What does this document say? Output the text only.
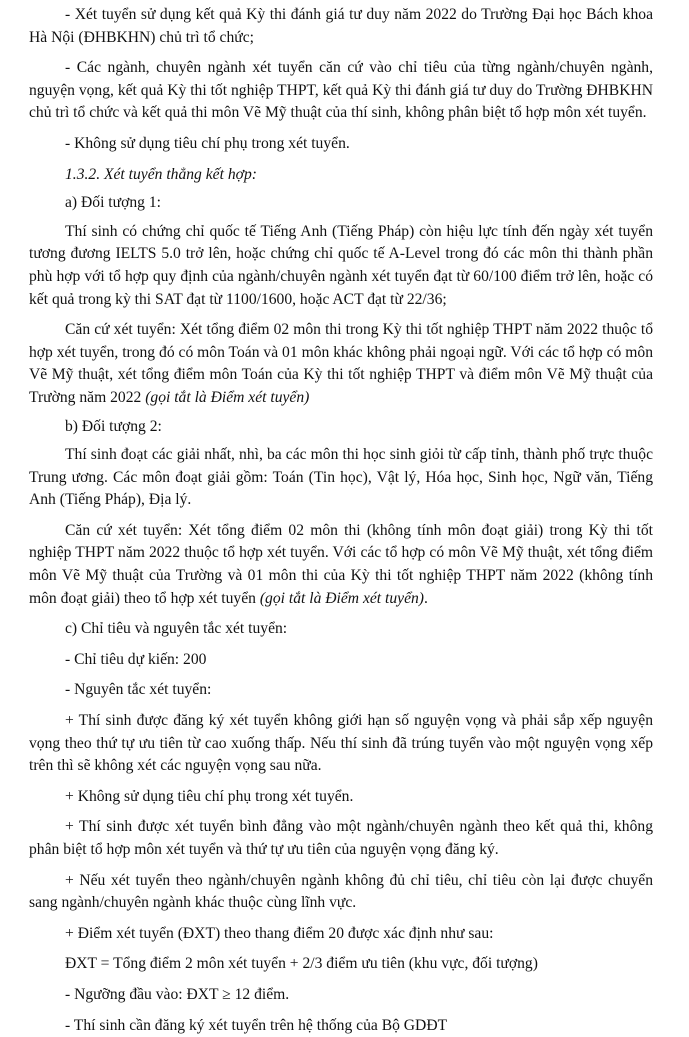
- Xét tuyển sử dụng kết quả Kỳ thi đánh giá tư duy năm 2022 do Trường Đại học Bách khoa Hà Nội (ĐHBKHN) chủ trì tổ chức;

- Các ngành, chuyên ngành xét tuyển căn cứ vào chỉ tiêu của từng ngành/chuyên ngành, nguyện vọng, kết quả Kỳ thi tốt nghiệp THPT, kết quả Kỳ thi đánh giá tư duy do Trường ĐHBKHN chủ trì tổ chức và kết quả thi môn Vẽ Mỹ thuật của thí sinh, không phân biệt tổ hợp môn xét tuyển.

- Không sử dụng tiêu chí phụ trong xét tuyển.

1.3.2. Xét tuyển thẳng kết hợp:

a) Đối tượng 1:

Thí sinh có chứng chỉ quốc tế Tiếng Anh (Tiếng Pháp) còn hiệu lực tính đến ngày xét tuyển tương đương IELTS 5.0 trở lên, hoặc chứng chỉ quốc tế A-Level trong đó các môn thi thành phần phù hợp với tổ hợp quy định của ngành/chuyên ngành xét tuyển đạt từ 60/100 điểm trở lên, hoặc có kết quả trong kỳ thi SAT đạt từ 1100/1600, hoặc ACT đạt từ 22/36;

Căn cứ xét tuyển: Xét tổng điểm 02 môn thi trong Kỳ thi tốt nghiệp THPT năm 2022 thuộc tổ hợp xét tuyển, trong đó có môn Toán và 01 môn khác không phải ngoại ngữ. Với các tổ hợp có môn Vẽ Mỹ thuật, xét tổng điểm môn Toán của Kỳ thi tốt nghiệp THPT và điểm môn Vẽ Mỹ thuật của Trường năm 2022 (gọi tắt là Điểm xét tuyển)

b) Đối tượng 2:

Thí sinh đoạt các giải nhất, nhì, ba các môn thi học sinh giỏi từ cấp tỉnh, thành phố trực thuộc Trung ương. Các môn đoạt giải gồm: Toán (Tin học), Vật lý, Hóa học, Sinh học, Ngữ văn, Tiếng Anh (Tiếng Pháp), Địa lý.

Căn cứ xét tuyển: Xét tổng điểm 02 môn thi (không tính môn đoạt giải) trong Kỳ thi tốt nghiệp THPT năm 2022 thuộc tổ hợp xét tuyển. Với các tổ hợp có môn Vẽ Mỹ thuật, xét tổng điểm môn Vẽ Mỹ thuật của Trường và 01 môn thi của Kỳ thi tốt nghiệp THPT năm 2022 (không tính môn đoạt giải) theo tổ hợp xét tuyển (gọi tắt là Điểm xét tuyển).

c) Chỉ tiêu và nguyên tắc xét tuyển:

- Chỉ tiêu dự kiến: 200

- Nguyên tắc xét tuyển:

+ Thí sinh được đăng ký xét tuyển không giới hạn số nguyện vọng và phải sắp xếp nguyện vọng theo thứ tự ưu tiên từ cao xuống thấp. Nếu thí sinh đã trúng tuyển vào một nguyện vọng xếp trên thì sẽ không xét các nguyện vọng sau nữa.

+ Không sử dụng tiêu chí phụ trong xét tuyển.

+ Thí sinh được xét tuyển bình đẳng vào một ngành/chuyên ngành theo kết quả thi, không phân biệt tổ hợp môn xét tuyển và thứ tự ưu tiên của nguyện vọng đăng ký.

+ Nếu xét tuyển theo ngành/chuyên ngành không đủ chỉ tiêu, chỉ tiêu còn lại được chuyển sang ngành/chuyên ngành khác thuộc cùng lĩnh vực.

+ Điểm xét tuyển (ĐXT) theo thang điểm 20 được xác định như sau:

ĐXT = Tổng điểm 2 môn xét tuyển + 2/3 điểm ưu tiên (khu vực, đối tượng)

- Ngưỡng đầu vào: ĐXT ≥ 12 điểm.

- Thí sinh cần đăng ký xét tuyển trên hệ thống của Bộ GDĐT
